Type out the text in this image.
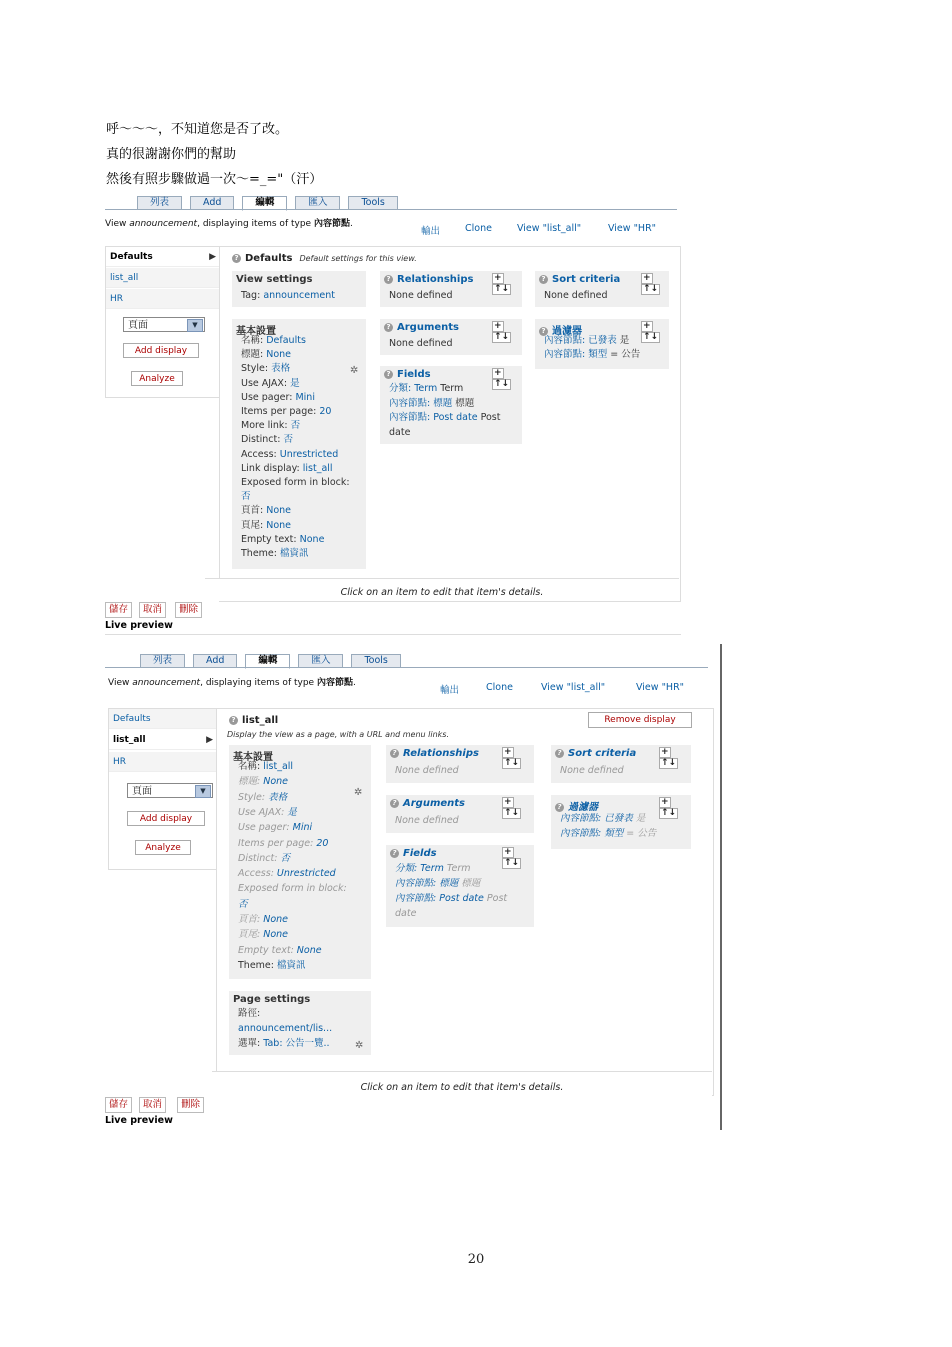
呼～～～，不知道您是否了改。
真的很謝謝你們的幫助
然後有照步驟做過一次～=_="（汗）
列表	Add	編輯	匯入	Tools
View announcement, displaying items of type 內容節點.
輸出	Clone	View "list_all"	View "HR"
Defaults	▶
list_all
HR
頁面	▼
Add display
Analyze
? Defaults Default settings for this view.
View settings
Tag: announcement
基本設置
名稱: Defaults
標題: None
Style: 表格
Use AJAX: 是
Use pager: Mini
Items per page: 20
More link: 否
Distinct: 否
Access: Unrestricted
Link display: list_all
Exposed form in block:
否
頁首: None
頁尾: None
Empty text: None
Theme: 檔資訊
✲
? Relationships	+↑↓
None defined
? Arguments	+↑↓
None defined
? Fields	+↑↓
分類: Term Term
內容節點: 標題 標題
內容節點: Post date Post
date
? Sort criteria	+↑↓
None defined
? 過濾器	+↑↓
內容節點: 已發表 是
內容節點: 類型 = 公告
Click on an item to edit that item's details.
儲存	取消	刪除
Live preview
列表	Add	編輯	匯入	Tools
View announcement, displaying items of type 內容節點.
輸出	Clone	View "list_all"	View "HR"
Defaults
list_all	▶
HR
頁面	▼
Add display
Analyze
? list_all
Display the view as a page, with a URL and menu links.
Remove display
基本設置
名稱: list_all
標題: None
Style: 表格
Use AJAX: 是
Use pager: Mini
Items per page: 20
Distinct: 否
Access: Unrestricted
Exposed form in block:
否
頁首: None
頁尾: None
Empty text: None
Theme: 檔資訊
✲
Page settings
路徑:
announcement/lis...
選單: Tab: 公告一覽..	✲
? Relationships	+↑↓
None defined
? Arguments	+↑↓
None defined
? Fields	+↑↓
分類: Term Term
內容節點: 標題 標題
內容節點: Post date Post
date
? Sort criteria	+↑↓
None defined
? 過濾器	+↑↓
內容節點: 已發表 是
內容節點: 類型 = 公告
Click on an item to edit that item's details.
儲存	取消	刪除
Live preview
20
